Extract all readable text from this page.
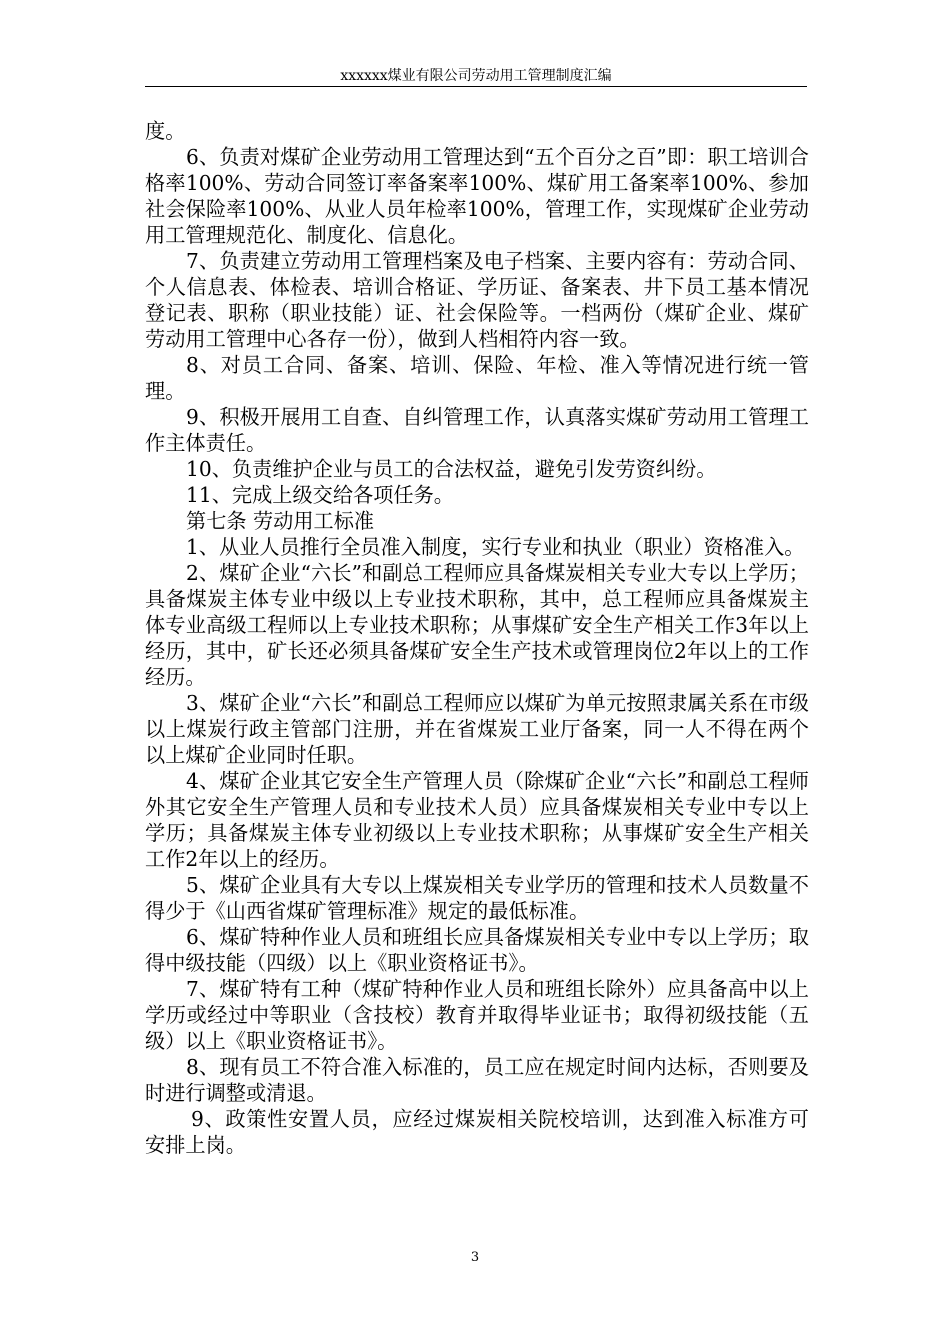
xxxxxx煤业有限公司劳动用工管理制度汇编

度。

6、负责对煤矿企业劳动用工管理达到“五个百分之百”即：职工培训合格率100%、劳动合同签订率备案率100%、煤矿用工备案率100%、参加社会保险率100%、从业人员年检率100%，管理工作，实现煤矿企业劳动用工管理规范化、制度化、信息化。

7、负责建立劳动用工管理档案及电子档案、主要内容有：劳动合同、个人信息表、体检表、培训合格证、学历证、备案表、井下员工基本情况登记表、职称（职业技能）证、社会保险等。一档两份（煤矿企业、煤矿劳动用工管理中心各存一份），做到人档相符内容一致。

8、对员工合同、备案、培训、保险、年检、准入等情况进行统一管理。

9、积极开展用工自查、自纠管理工作，认真落实煤矿劳动用工管理工作主体责任。

10、负责维护企业与员工的合法权益，避免引发劳资纠纷。

11、完成上级交给各项任务。

第七条 劳动用工标准

1、从业人员推行全员准入制度，实行专业和执业（职业）资格准入。

2、煤矿企业“六长”和副总工程师应具备煤炭相关专业大专以上学历；具备煤炭主体专业中级以上专业技术职称，其中，总工程师应具备煤炭主体专业高级工程师以上专业技术职称；从事煤矿安全生产相关工作3年以上经历，其中，矿长还必须具备煤矿安全生产技术或管理岗位2年以上的工作经历。

3、煤矿企业“六长”和副总工程师应以煤矿为单元按照隶属关系在市级以上煤炭行政主管部门注册，并在省煤炭工业厅备案，同一人不得在两个以上煤矿企业同时任职。

4、煤矿企业其它安全生产管理人员（除煤矿企业“六长”和副总工程师外其它安全生产管理人员和专业技术人员）应具备煤炭相关专业中专以上学历；具备煤炭主体专业初级以上专业技术职称；从事煤矿安全生产相关工作2年以上的经历。

5、煤矿企业具有大专以上煤炭相关专业学历的管理和技术人员数量不得少于《山西省煤矿管理标准》规定的最低标准。

6、煤矿特种作业人员和班组长应具备煤炭相关专业中专以上学历；取得中级技能（四级）以上《职业资格证书》。

7、煤矿特有工种（煤矿特种作业人员和班组长除外）应具备高中以上学历或经过中等职业（含技校）教育并取得毕业证书；取得初级技能（五级）以上《职业资格证书》。

8、现有员工不符合准入标准的，员工应在规定时间内达标，否则要及时进行调整或清退。

9、政策性安置人员，应经过煤炭相关院校培训，达到准入标准方可安排上岗。

3
